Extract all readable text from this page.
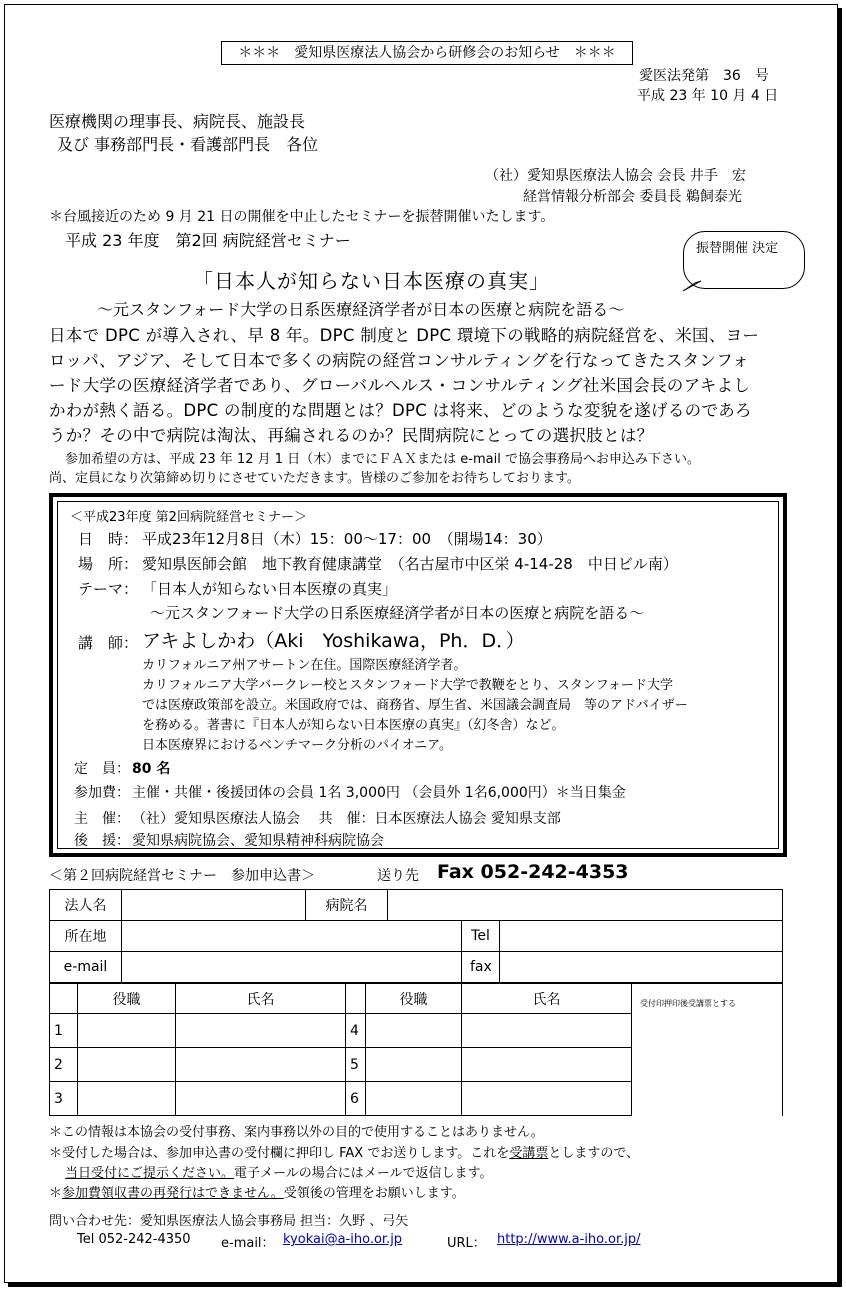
＊＊＊　愛知県医療法人協会から研修会のお知らせ　＊＊＊
愛医法発第　36　号
平成 23 年 10 月 4 日
医療機関の理事長、病院長、施設長
及び 事務部門長・看護部門長　各位
（社）愛知県医療法人協会 会長 井手　宏
経営情報分析部会 委員長 鵜飼泰光
＊台風接近のため 9 月 21 日の開催を中止したセミナーを振替開催いたします。
平成 23 年度　第2回 病院経営セミナー
「日本人が知らない日本医療の真実」
振替開催 決定
～元スタンフォード大学の日系医療経済学者が日本の医療と病院を語る～
日本で DPC が導入され、早 8 年。DPC 制度と DPC 環境下の戦略的病院経営を、米国、ヨー
ロッパ、アジア、そして日本で多くの病院の経営コンサルティングを行なってきたスタンフォ
ード大学の医療経済学者であり、グローバルヘルス・コンサルティング社米国会長のアキよし
かわが熱く語る。DPC の制度的な問題とは？DPC は将来、どのような変貌を遂げるのであろ
うか？その中で病院は淘汰、再編されるのか？民間病院にとっての選択肢とは？
参加希望の方は、平成 23 年 12 月 1 日（木）までにＦＡＸまたは e-mail で協会事務局へお申込み下さい。
尚、定員になり次第締め切りにさせていただきます。皆様のご参加をお待ちしております。
＜平成23年度 第2回病院経営セミナー＞
日　時： 平成23年12月8日（木）15：00～17：00　（開場14：30）
場　所： 愛知県医師会館　地下教育健康講堂　（名古屋市中区栄 4-14-28　中日ビル南）
テーマ： 「日本人が知らない日本医療の真実」
～元スタンフォード大学の日系医療経済学者が日本の医療と病院を語る～
講　師： アキよしかわ（Aki　Yoshikawa，Ph．D．）
カリフォルニア州アサートン在住。国際医療経済学者。
カリフォルニア大学バークレー校とスタンフォード大学で教鞭をとり、スタンフォード大学
では医療政策部を設立。米国政府では、商務省、厚生省、米国議会調査局　等のアドバイザー
を務める。著書に『日本人が知らない日本医療の真実』（幻冬舎）など。
日本医療界におけるベンチマーク分析のパイオニア。
定　員： 80 名
参加費： 主催・共催・後援団体の会員 1名 3,000円 （会員外 1名6,000円）＊当日集金
主　催： （社）愛知県医療法人協会　 共　催：日本医療法人協会 愛知県支部
後　援： 愛知県病院協会、愛知県精神科病院協会
＜第２回病院経営セミナー　参加申込書＞	送り先 Fax 052-242-4353
法人名		病院名			
所在地				Tel	
e-mail				fax	
	役職	氏名		役職	氏名	受付印押印後受講票とする
1			4			
2			5			
3			6			
＊この情報は本協会の受付事務、案内事務以外の目的で使用することはありません。
＊受付した場合は、参加申込書の受付欄に押印し FAX でお送りします。これを受講票としますので、
当日受付にご提示ください。電子メールの場合にはメールで返信します。
＊参加費領収書の再発行はできません。受領後の管理をお願いします。
問い合わせ先：愛知県医療法人協会事務局 担当：久野 、弓矢
Tel 052-242-4350 e-mail： kyokai@a-iho.or.jp	URL： http://www.a-iho.or.jp/
